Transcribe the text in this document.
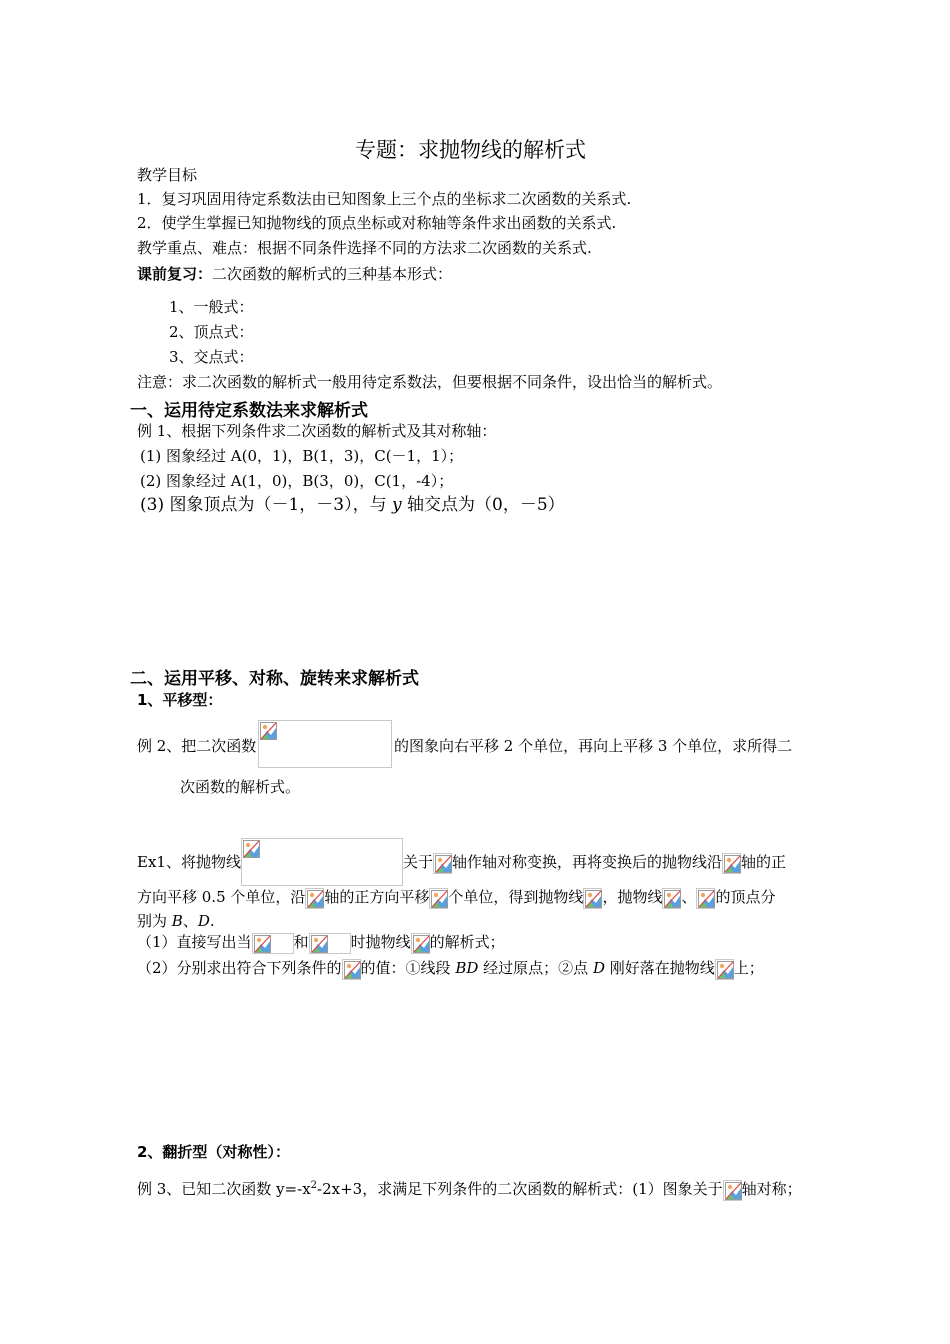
专题：求抛物线的解析式
教学目标
1．复习巩固用待定系数法由已知图象上三个点的坐标求二次函数的关系式.
2．使学生掌握已知抛物线的顶点坐标或对称轴等条件求出函数的关系式.
教学重点、难点：根据不同条件选择不同的方法求二次函数的关系式.
课前复习：二次函数的解析式的三种基本形式：
1、一般式：
2、顶点式：
3、交点式：
注意：求二次函数的解析式一般用待定系数法，但要根据不同条件，设出恰当的解析式。
一、运用待定系数法来求解析式
例 1、根据下列条件求二次函数的解析式及其对称轴：
(1) 图象经过 A(0，1)，B(1，3)，C(－1，1）；
(2) 图象经过 A(1，0)，B(3，0)，C(1，-4）；
(3) 图象顶点为（－1，－3），与 y 轴交点为（0，－5）
二、运用平移、对称、旋转来求解析式
1、平移型：
例 2、把二次函数	的图象向右平移 2 个单位，再向上平移 3 个单位，求所得二
次函数的解析式。
Ex1、将抛物线	关于 轴作轴对称变换，再将变换后的抛物线沿 轴的正
方向平移 0.5 个单位，沿 轴的正方向平移 个单位，得到抛物线 ，抛物线 、 的顶点分
别为 B、D.
（1）直接写出当	和	时抛物线 的解析式；
（2）分别求出符合下列条件的 的值：①线段 BD 经过原点；②点 D 刚好落在抛物线 上；
2、翻折型（对称性）：
例 3、已知二次函数 $y=-x^2-2x+3$，求满足下列条件的二次函数的解析式：(1）图象关于 轴对称；
